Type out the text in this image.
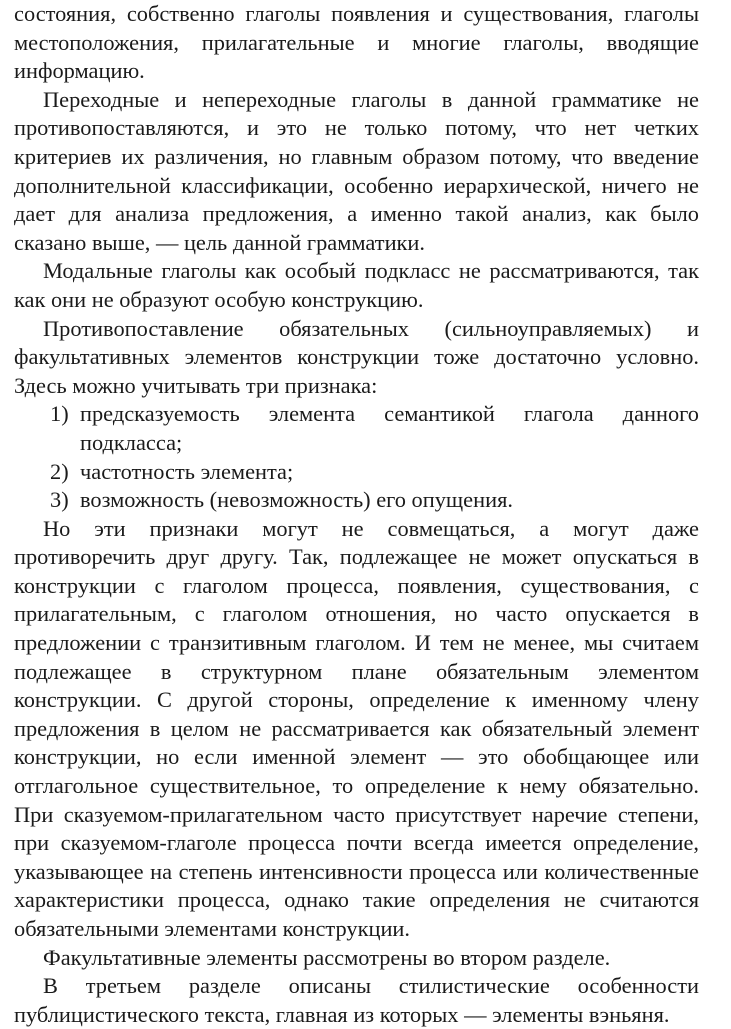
состояния, собственно глаголы появления и существования, глаголы местоположения, прилагательные и многие глаголы, вводящие информацию.

Переходные и непереходные глаголы в данной грамматике не противопоставляются, и это не только потому, что нет четких критериев их различения, но главным образом потому, что введение дополнительной классификации, особенно иерархической, ничего не дает для анализа предложения, а именно такой анализ, как было сказано выше, — цель данной грамматики.

Модальные глаголы как особый подкласс не рассматриваются, так как они не образуют особую конструкцию.

Противопоставление обязательных (сильноуправляемых) и факультативных элементов конструкции тоже достаточно условно. Здесь можно учитывать три признака:

1) предсказуемость элемента семантикой глагола данного подкласса;

2) частотность элемента;

3) возможность (невозможность) его опущения.

Но эти признаки могут не совмещаться, а могут даже противоречить друг другу. Так, подлежащее не может опускаться в конструкции с глаголом процесса, появления, существования, с прилагательным, с глаголом отношения, но часто опускается в предложении с транзитивным глаголом. И тем не менее, мы считаем подлежащее в структурном плане обязательным элементом конструкции. С другой стороны, определение к именному члену предложения в целом не рассматривается как обязательный элемент конструкции, но если именной элемент — это обобщающее или отглагольное существительное, то определение к нему обязательно. При сказуемом-прилагательном часто присутствует наречие степени, при сказуемом-глаголе процесса почти всегда имеется определение, указывающее на степень интенсивности процесса или количественные характеристики процесса, однако такие определения не считаются обязательными элементами конструкции.

Факультативные элементы рассмотрены во втором разделе.

В третьем разделе описаны стилистические особенности публицистического текста, главная из которых — элементы вэньяня.
